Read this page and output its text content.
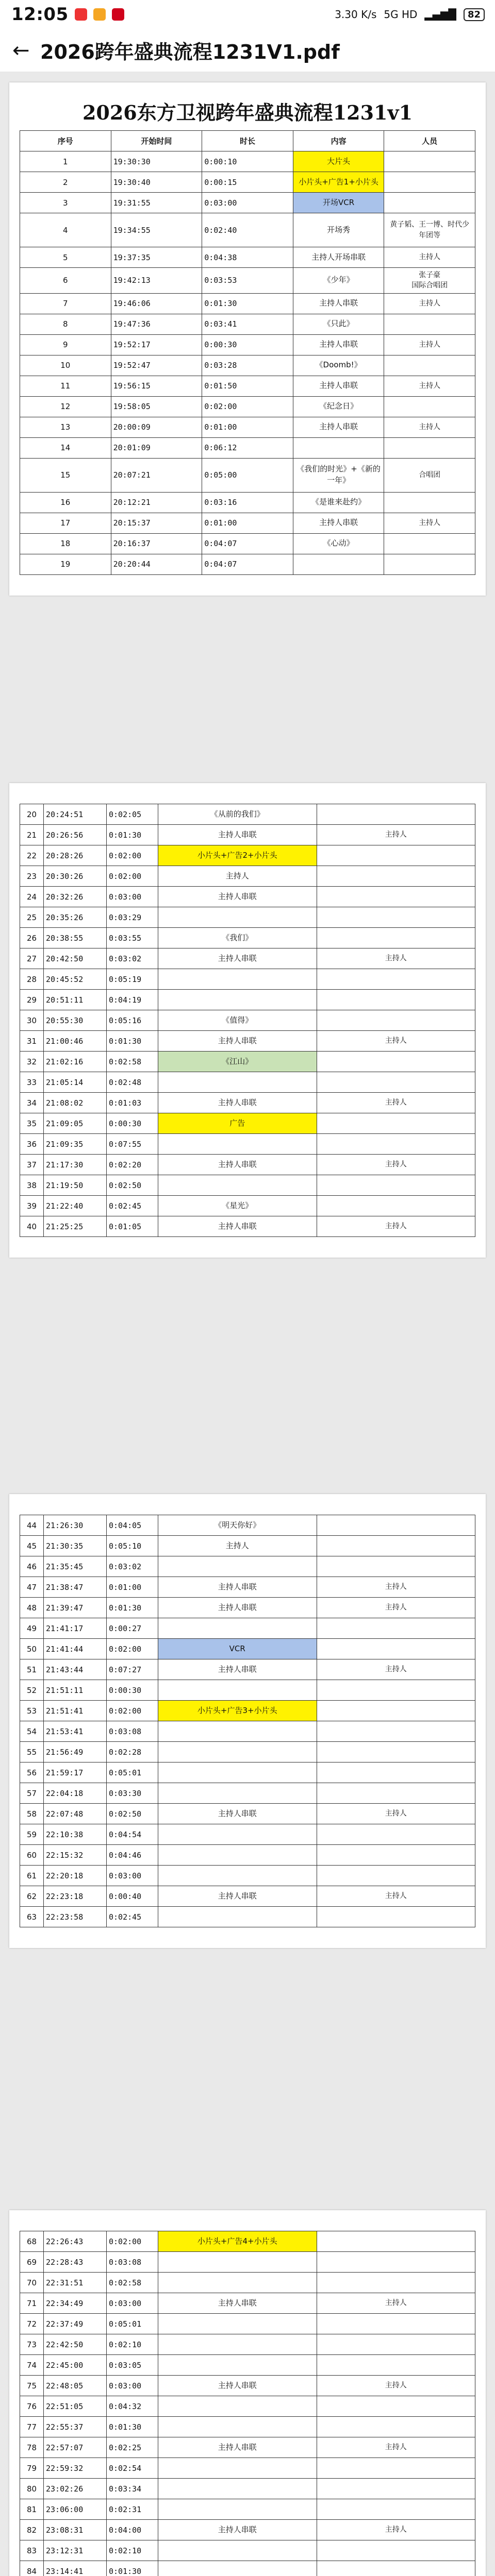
12:05	3.30 K/s 5G HD ▂▄▆█	82
← 2026跨年盛典流程1231V1.pdf
2026东方卫视跨年盛典流程1231v1
序号	开始时间	时长	内容	人员
1	19:30:30	0:00:10	大片头	
2	19:30:40	0:00:15	小片头+广告1+小片头	
3	19:31:55	0:03:00	开场VCR	
4	19:34:55	0:02:40	开场秀	黄子韬、王一博、时代少年团等
5	19:37:35	0:04:38	主持人开场串联	主持人
6	19:42:13	0:03:53	《少年》	张子豪
国际合唱团
7	19:46:06	0:01:30	主持人串联	主持人
8	19:47:36	0:03:41	《只此》	
9	19:52:17	0:00:30	主持人串联	主持人
10	19:52:47	0:03:28	《Doomb!》	
11	19:56:15	0:01:50	主持人串联	主持人
12	19:58:05	0:02:00	《纪念日》	
13	20:00:09	0:01:00	主持人串联	主持人
14	20:01:09	0:06:12		
15	20:07:21	0:05:00	《我们的时光》+《新的一年》	合唱团
16	20:12:21	0:03:16	《是谁来赴约》	
17	20:15:37	0:01:00	主持人串联	主持人
18	20:16:37	0:04:07	《心动》	
19	20:20:44	0:04:07		
20	20:24:51	0:02:05	《从前的我们》	
21	20:26:56	0:01:30	主持人串联	主持人
22	20:28:26	0:02:00	小片头+广告2+小片头	
23	20:30:26	0:02:00	主持人	
24	20:32:26	0:03:00	主持人串联	
25	20:35:26	0:03:29		
26	20:38:55	0:03:55	《我们》	
27	20:42:50	0:03:02	主持人串联	主持人
28	20:45:52	0:05:19		
29	20:51:11	0:04:19		
30	20:55:30	0:05:16	《值得》	
31	21:00:46	0:01:30	主持人串联	主持人
32	21:02:16	0:02:58	《江山》	
33	21:05:14	0:02:48		
34	21:08:02	0:01:03	主持人串联	主持人
35	21:09:05	0:00:30	广告	
36	21:09:35	0:07:55		
37	21:17:30	0:02:20	主持人串联	主持人
38	21:19:50	0:02:50		
39	21:22:40	0:02:45	《星光》	
40	21:25:25	0:01:05	主持人串联	主持人
44	21:26:30	0:04:05	《明天你好》	
45	21:30:35	0:05:10	主持人	
46	21:35:45	0:03:02		
47	21:38:47	0:01:00	主持人串联	主持人
48	21:39:47	0:01:30	主持人串联	主持人
49	21:41:17	0:00:27		
50	21:41:44	0:02:00	VCR	
51	21:43:44	0:07:27	主持人串联	主持人
52	21:51:11	0:00:30		
53	21:51:41	0:02:00	小片头+广告3+小片头	
54	21:53:41	0:03:08		
55	21:56:49	0:02:28		
56	21:59:17	0:05:01		
57	22:04:18	0:03:30		
58	22:07:48	0:02:50	主持人串联	主持人
59	22:10:38	0:04:54		
60	22:15:32	0:04:46		
61	22:20:18	0:03:00		
62	22:23:18	0:00:40	主持人串联	主持人
63	22:23:58	0:02:45		
68	22:26:43	0:02:00	小片头+广告4+小片头	
69	22:28:43	0:03:08		
70	22:31:51	0:02:58		
71	22:34:49	0:03:00	主持人串联	主持人
72	22:37:49	0:05:01		
73	22:42:50	0:02:10		
74	22:45:00	0:03:05		
75	22:48:05	0:03:00	主持人串联	主持人
76	22:51:05	0:04:32		
77	22:55:37	0:01:30		
78	22:57:07	0:02:25	主持人串联	主持人
79	22:59:32	0:02:54		
80	23:02:26	0:03:34		
81	23:06:00	0:02:31		
82	23:08:31	0:04:00	主持人串联	主持人
83	23:12:31	0:02:10		
84	23:14:41	0:01:30		
